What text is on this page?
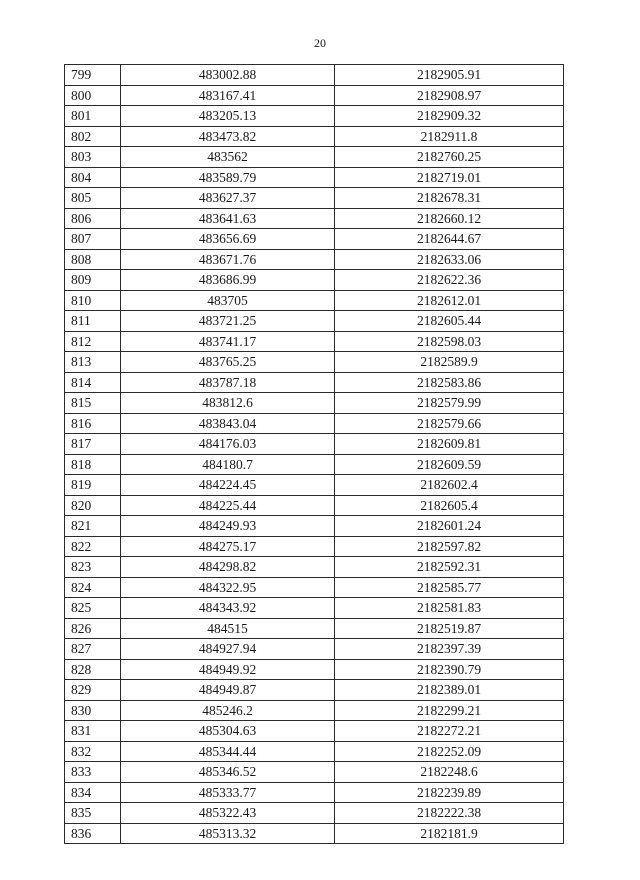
20
799	483002.88	2182905.91
800	483167.41	2182908.97
801	483205.13	2182909.32
802	483473.82	2182911.8
803	483562	2182760.25
804	483589.79	2182719.01
805	483627.37	2182678.31
806	483641.63	2182660.12
807	483656.69	2182644.67
808	483671.76	2182633.06
809	483686.99	2182622.36
810	483705	2182612.01
811	483721.25	2182605.44
812	483741.17	2182598.03
813	483765.25	2182589.9
814	483787.18	2182583.86
815	483812.6	2182579.99
816	483843.04	2182579.66
817	484176.03	2182609.81
818	484180.7	2182609.59
819	484224.45	2182602.4
820	484225.44	2182605.4
821	484249.93	2182601.24
822	484275.17	2182597.82
823	484298.82	2182592.31
824	484322.95	2182585.77
825	484343.92	2182581.83
826	484515	2182519.87
827	484927.94	2182397.39
828	484949.92	2182390.79
829	484949.87	2182389.01
830	485246.2	2182299.21
831	485304.63	2182272.21
832	485344.44	2182252.09
833	485346.52	2182248.6
834	485333.77	2182239.89
835	485322.43	2182222.38
836	485313.32	2182181.9
